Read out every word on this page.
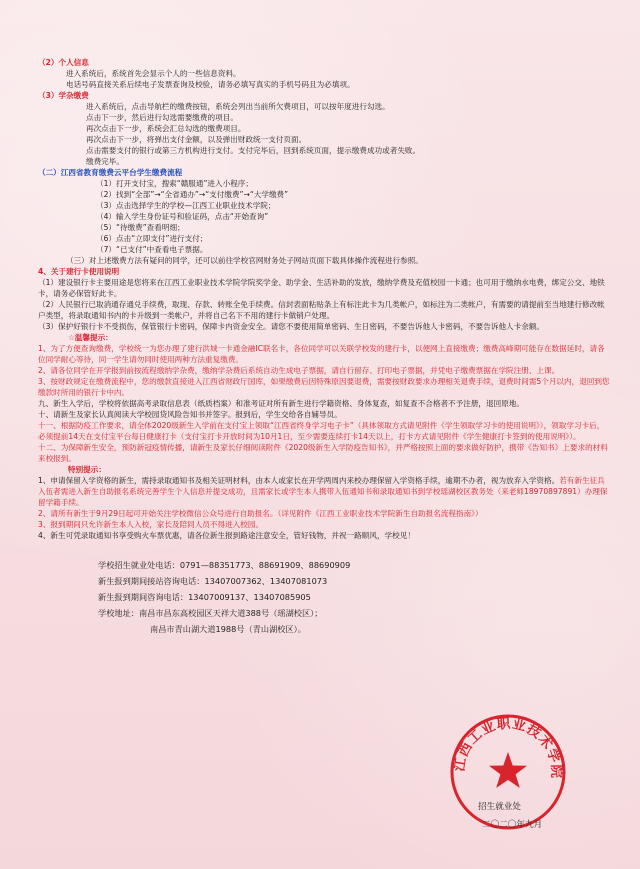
（2）个人信息

进入系统后，系统首先会显示个人的一些信息资料。

电话号码直接关系后续电子发票查询及校验，请务必填写真实的手机号码且为必填项。

（3）学杂缴费

进入系统后，点击导航栏的缴费按钮，系统会列出当前所欠费项目，可以按年度进行勾选。

点击下一步，然后进行勾选需要缴费的项目。

再次点击下一步，系统会汇总勾选的缴费项目。

再次点击下一步，将弹出支付金额，以及弹出财政统一支付页面。

点击需要支付的银行或第三方机构进行支付。支付完毕后，回到系统页面，提示缴费成功或者失败。

缴费完毕。

（二）江西省教育缴费云平台学生缴费流程

（1）打开支付宝，搜索“赣服通”进入小程序；

（2）找到“全部”→“全省通办”→“支付缴费”→“大学缴费”

（3）点击选择学生的学校—江西工业职业技术学院；

（4）输入学生身份证号和验证码，点击“开始查询”

（5）“待缴费”查看明细；

（6）点击“立即支付”进行支付；

（7）“已支付”中查看电子票据。

（三）对上述缴费方法有疑问的同学，还可以前往学校官网财务处子网站页面下载具体操作流程进行参照。

4、关于建行卡使用说明

（1）建设银行卡主要用途是您将来在江西工业职业技术学院学院奖学金、助学金、生活补助的发放，缴纳学费及充值校园一卡通；也可用于缴纳水电费，绑定公交、地铁卡，请务必保管好此卡。

（2）人民银行已取消通存通兑手续费，取现、存款、转账全免手续费。信封表面粘贴条上有标注此卡为几类帐户，如标注为二类帐户，有需要的请提前至当地建行修改帐户类型，将录取通知书内的卡升级到一类帐户，并将自己名下不用的建行卡做销户处理。

（3）保护好银行卡不受损伤，保管银行卡密码，保障卡内资金安全。请您不要使用简单密码、生日密码，不要告诉他人卡密码，不要告诉他人卡余额。

☆温馨提示：

1、为了方便查询缴费，学校统一为您办理了建行洪城一卡通金融IC联名卡，各位同学可以关联学校发的建行卡，以便网上直接缴费；缴费高峰期可能存在数据延时，请各位同学耐心等待，同一学生请勿同时使用两种方法重复缴费。

2、请各位同学在开学报到前按流程缴纳学杂费，缴纳学杂费后系统自动生成电子票据，请自行留存、打印电子票据，并凭电子缴费票据在学院注册、上课。

3、按财政规定在缴费流程中，您的缴款直接进入江西省财政厅国库，如果缴费后因特殊原因要退费，需要按财政要求办理相关退费手续，退费时间需5个月以内，退回到您缴款时所用的银行卡中内。

九、新生入学后，学校将依据高考录取信息表（纸质档案）和准考证对所有新生进行学籍资格、身体复查，如复查不合格者不予注册，退回原地。

十、请新生及家长认真阅读大学校园贷风险告知书并签字。报到后，学生交给各自辅导员。

十一、根据防疫工作要求，请全体2020级新生入学前在支付宝上领取“江西省终身学习电子卡”（具体领取方式请见附件《学生领取学习卡的使用说明》），领取学习卡后，必须提前14天在支付宝平台每日健康打卡（支付宝打卡开放时间为10月1日，至少需要连续打卡14天以上，打卡方式请见附件《学生健康打卡签到的使用说明》）。

十二、为保障新生安全，预防新冠疫情传播，请新生及家长仔细阅读附件《2020级新生入学防疫告知书》，并严格按照上面的要求做好防护，携带《告知书》上要求的材料来校报到。

特别提示：

1、申请保留入学资格的新生，需持录取通知书及相关证明材料，由本人或家长在开学两周内来校办理保留入学资格手续，逾期不办者，视为放弃入学资格。若有新生征兵入伍者需进入新生自助报名系统完善学生个人信息并提交成功，且需家长或学生本人携带入伍通知书和录取通知书到学校瑶湖校区教务处（来老师18970897891）办理保留学籍手续。

2、请所有新生于9月29日起可开始关注学校微信公众号进行自助报名。（详见附件《江西工业职业技术学院新生自助报名流程指南》）

3、报到期间只允许新生本人入校，家长及陪同人员不得进入校园。

4、新生可凭录取通知书享受购火车票优惠，请各位新生报到路途注意安全，管好钱物，并祝一路顺风，学校见！

学校招生就业处电话：0791—88351773、88691909、88690909
新生报到期间接站咨询电话：13407007362、13407081073
新生报到期间咨询电话：13407009137、13407085905
学校地址：南昌市昌东高校园区天祥大道388号（瑶湖校区）；
南昌市青山湖大道1988号（青山湖校区）。
江西工业职业技术学院
招生就业处
二〇二〇年九月
